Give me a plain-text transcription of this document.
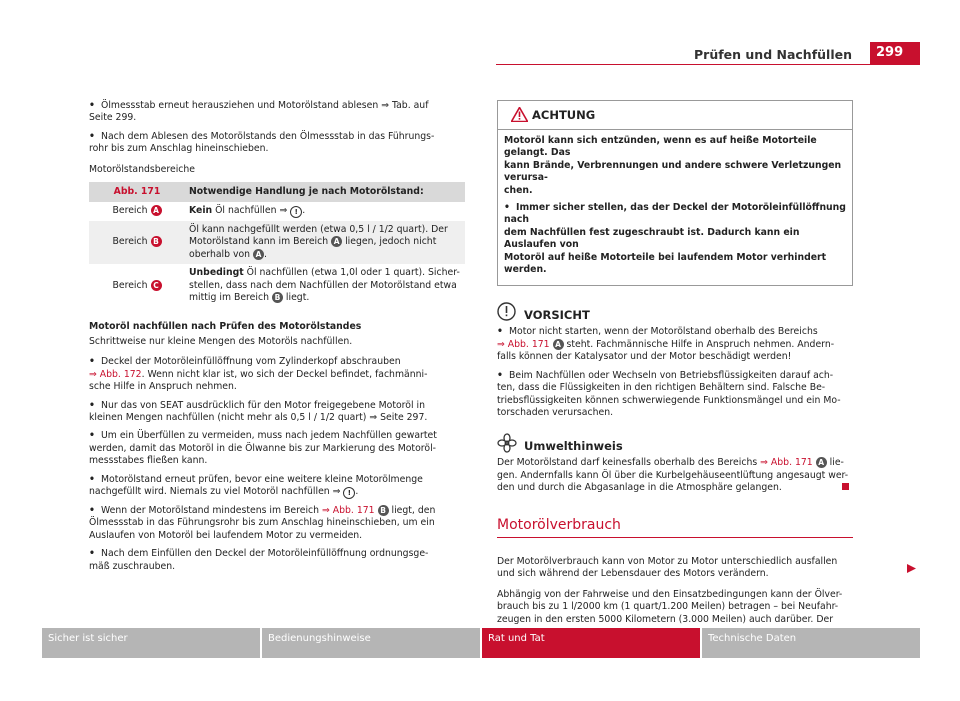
Prüfen und Nachfüllen	299

• Ölmessstab erneut herausziehen und Motorölstand ablesen ⇒ Tab. auf
Seite 299.

• Nach dem Ablesen des Motorölstands den Ölmessstab in das Führungs-
rohr bis zum Anschlag hineinschieben.

Motorölstandsbereiche

Abb. 171	Notwendige Handlung je nach Motorölstand:
Bereich A	Kein Öl nachfüllen ⇒ ! .
Bereich B	Öl kann nachgefüllt werden (etwa 0,5 l / 1/2 quart). Der
Motorölstand kann im Bereich A liegen, jedoch nicht
oberhalb von A .
Bereich C	Unbedingt Öl nachfüllen (etwa 1,0l oder 1 quart). Sicher-
stellen, dass nach dem Nachfüllen der Motorölstand etwa
mittig im Bereich B liegt.

Motoröl nachfüllen nach Prüfen des Motorölstandes

Schrittweise nur kleine Mengen des Motoröls nachfüllen.

• Deckel der Motoröleinfüllöffnung vom Zylinderkopf abschrauben
⇒ Abb. 172. Wenn nicht klar ist, wo sich der Deckel befindet, fachmänni-
sche Hilfe in Anspruch nehmen.

• Nur das von SEAT ausdrücklich für den Motor freigegebene Motoröl in
kleinen Mengen nachfüllen (nicht mehr als 0,5 l / 1/2 quart) ⇒ Seite 297.

• Um ein Überfüllen zu vermeiden, muss nach jedem Nachfüllen gewartet
werden, damit das Motoröl in die Ölwanne bis zur Markierung des Motoröl-
messstabes fließen kann.

• Motorölstand erneut prüfen, bevor eine weitere kleine Motorölmenge
nachgefüllt wird. Niemals zu viel Motoröl nachfüllen ⇒ ! .

• Wenn der Motorölstand mindestens im Bereich ⇒ Abb. 171 B liegt, den
Ölmessstab in das Führungsrohr bis zum Anschlag hineinschieben, um ein
Auslaufen von Motoröl bei laufendem Motor zu vermeiden.

• Nach dem Einfüllen den Deckel der Motoröleinfüllöffnung ordnungsge-
mäß zuschrauben.

ACHTUNG

Motoröl kann sich entzünden, wenn es auf heiße Motorteile gelangt. Das
kann Brände, Verbrennungen und andere schwere Verletzungen verursa-
chen.

• Immer sicher stellen, das der Deckel der Motoröleinfüllöffnung nach
dem Nachfüllen fest zugeschraubt ist. Dadurch kann ein Auslaufen von
Motoröl auf heiße Motorteile bei laufendem Motor verhindert werden.

VORSICHT

• Motor nicht starten, wenn der Motorölstand oberhalb des Bereichs
⇒ Abb. 171 A steht. Fachmännische Hilfe in Anspruch nehmen. Andern-
falls können der Katalysator und der Motor beschädigt werden!

• Beim Nachfüllen oder Wechseln von Betriebsflüssigkeiten darauf ach-
ten, dass die Flüssigkeiten in den richtigen Behältern sind. Falsche Be-
triebsflüssigkeiten können schwerwiegende Funktionsmängel und ein Mo-
torschaden verursachen.

Umwelthinweis

Der Motorölstand darf keinesfalls oberhalb des Bereichs ⇒ Abb. 171 A lie-
gen. Andernfalls kann Öl über die Kurbelgehäuseentlüftung angesaugt wer-
den und durch die Abgasanlage in die Atmosphäre gelangen.

Motorölverbrauch

Der Motorölverbrauch kann von Motor zu Motor unterschiedlich ausfallen
und sich während der Lebensdauer des Motors verändern.

Abhängig von der Fahrweise und den Einsatzbedingungen kann der Ölver-
brauch bis zu 1 l/2000 km (1 quart/1.200 Meilen) betragen – bei Neufahr-
zeugen in den ersten 5000 Kilometern (3.000 Meilen) auch darüber. Der

Sicher ist sicher	Bedienungshinweise	Rat und Tat	Technische Daten
